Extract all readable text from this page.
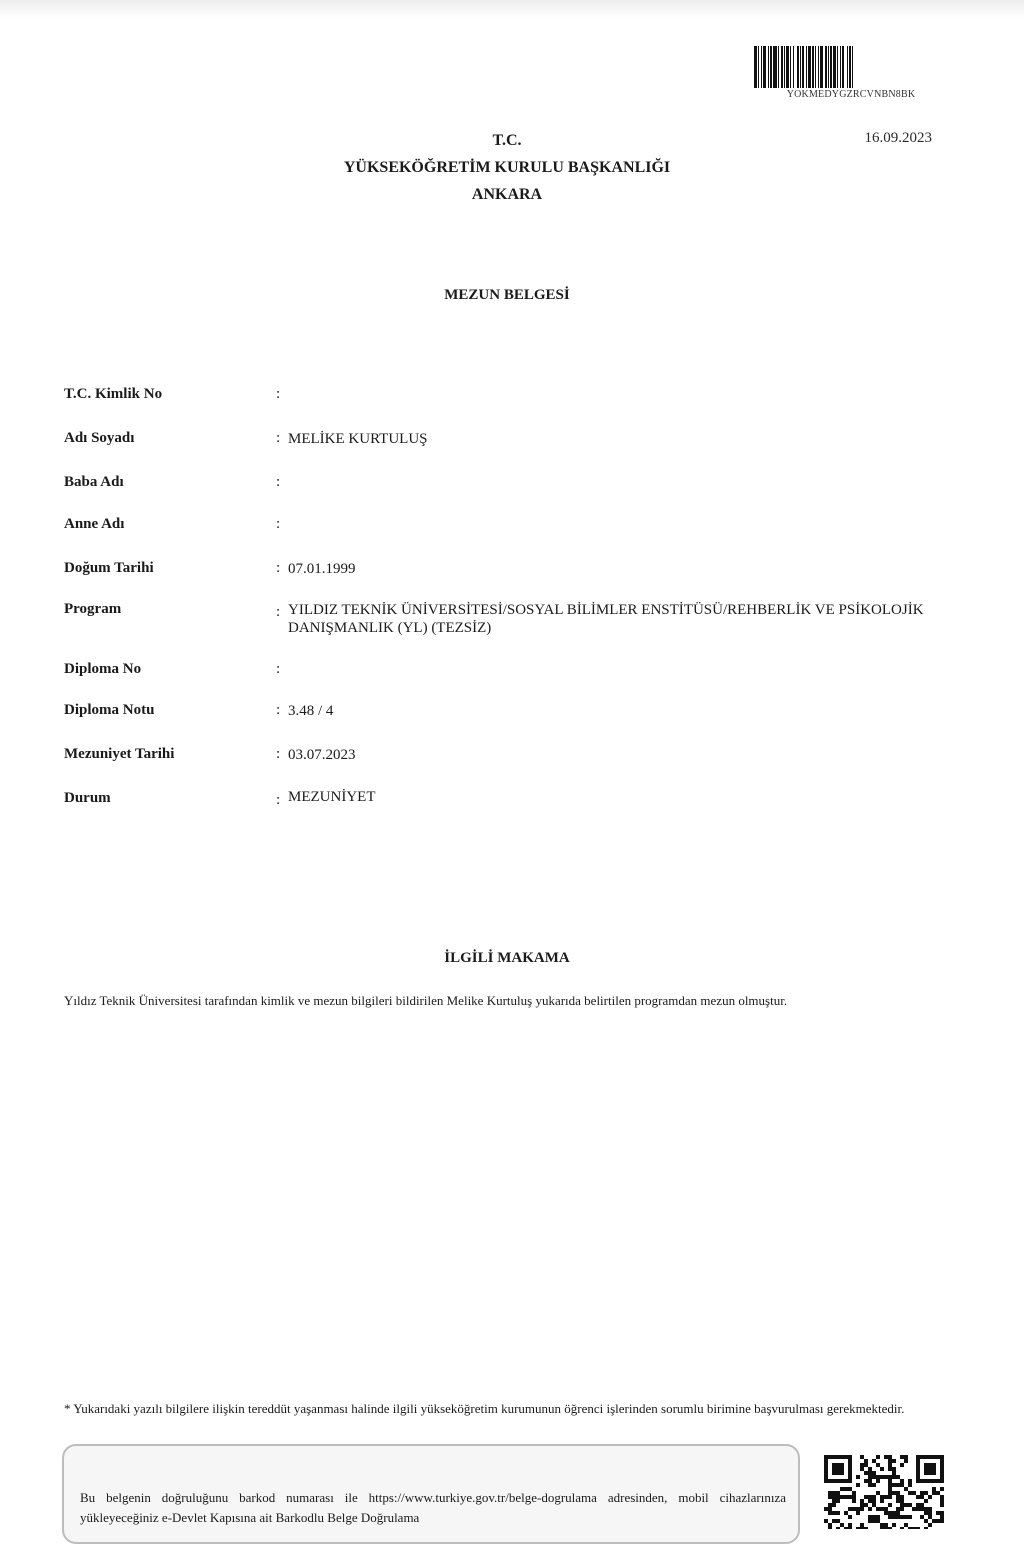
YOKMEDYGZRCVNBN8BK
16.09.2023
T.C.
YÜKSEKÖĞRETİM KURULU BAŞKANLIĞI
ANKARA
MEZUN BELGESİ
T.C. Kimlik No	:
Adı Soyadı	: MELİKE KURTULUŞ
Baba Adı	:
Anne Adı	:
Doğum Tarihi	: 07.01.1999
Program	: YILDIZ TEKNİK ÜNİVERSİTESİ/SOSYAL BİLİMLER ENSTİTÜSÜ/REHBERLİK VE PSİKOLOJİK DANIŞMANLIK (YL) (TEZSİZ)
Diploma No	:
Diploma Notu	: 3.48 / 4
Mezuniyet Tarihi	: 03.07.2023
Durum	: MEZUNİYET
İLGİLİ MAKAMA
Yıldız Teknik Üniversitesi tarafından kimlik ve mezun bilgileri bildirilen Melike Kurtuluş yukarıda belirtilen programdan mezun olmuştur.
* Yukarıdaki yazılı bilgilere ilişkin tereddüt yaşanması halinde ilgili yükseköğretim kurumunun öğrenci işlerinden sorumlu birimine başvurulması gerekmektedir.
Bu belgenin doğruluğunu barkod numarası ile https://www.turkiye.gov.tr/belge-dogrulama adresinden, mobil cihazlarınıza yükleyeceğiniz e-Devlet Kapısına ait Barkodlu Belge Doğrulama
